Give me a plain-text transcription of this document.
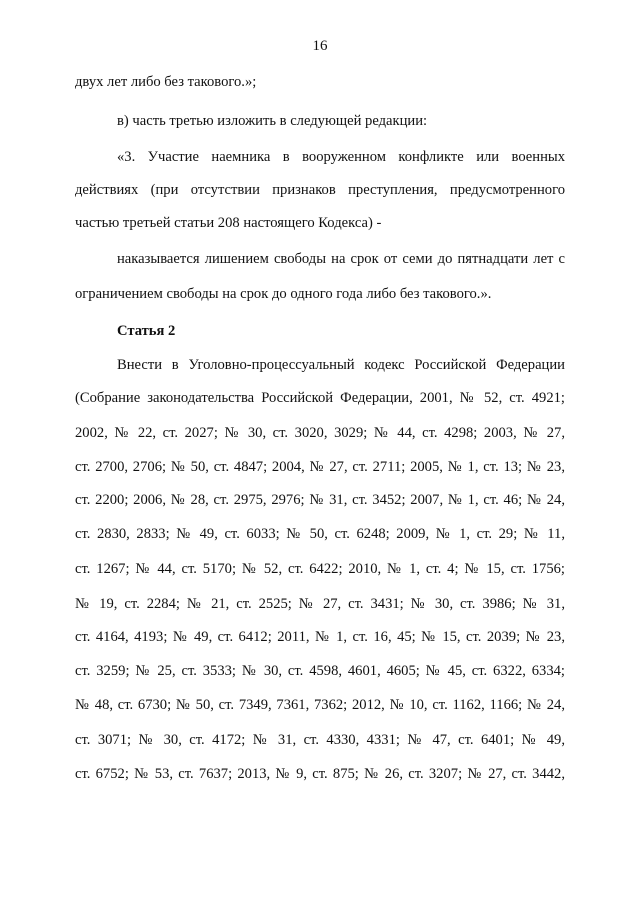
16
двух лет либо без такового.»;
в) часть третью изложить в следующей редакции:
«3. Участие наемника в вооруженном конфликте или военных
действиях (при отсутствии признаков преступления, предусмотренного
частью третьей статьи 208 настоящего Кодекса) -
наказывается лишением свободы на срок от семи до пятнадцати лет с
ограничением свободы на срок до одного года либо без такового.».
Статья 2
Внести в Уголовно-процессуальный кодекс Российской Федерации
(Собрание законодательства Российской Федерации, 2001, № 52, ст. 4921;
2002, № 22, ст. 2027; № 30, ст. 3020, 3029; № 44, ст. 4298; 2003, № 27,
ст. 2700, 2706; № 50, ст. 4847; 2004, № 27, ст. 2711; 2005, № 1, ст. 13; № 23,
ст. 2200; 2006, № 28, ст. 2975, 2976; № 31, ст. 3452; 2007, № 1, ст. 46; № 24,
ст. 2830, 2833; № 49, ст. 6033; № 50, ст. 6248; 2009, № 1, ст. 29; № 11,
ст. 1267; № 44, ст. 5170; № 52, ст. 6422; 2010, № 1, ст. 4; № 15, ст. 1756;
№ 19, ст. 2284; № 21, ст. 2525; № 27, ст. 3431; № 30, ст. 3986; № 31,
ст. 4164, 4193; № 49, ст. 6412; 2011, № 1, ст. 16, 45; № 15, ст. 2039; № 23,
ст. 3259; № 25, ст. 3533; № 30, ст. 4598, 4601, 4605; № 45, ст. 6322, 6334;
№ 48, ст. 6730; № 50, ст. 7349, 7361, 7362; 2012, № 10, ст. 1162, 1166; № 24,
ст. 3071; № 30, ст. 4172; № 31, ст. 4330, 4331; № 47, ст. 6401; № 49,
ст. 6752; № 53, ст. 7637; 2013, № 9, ст. 875; № 26, ст. 3207; № 27, ст. 3442,
